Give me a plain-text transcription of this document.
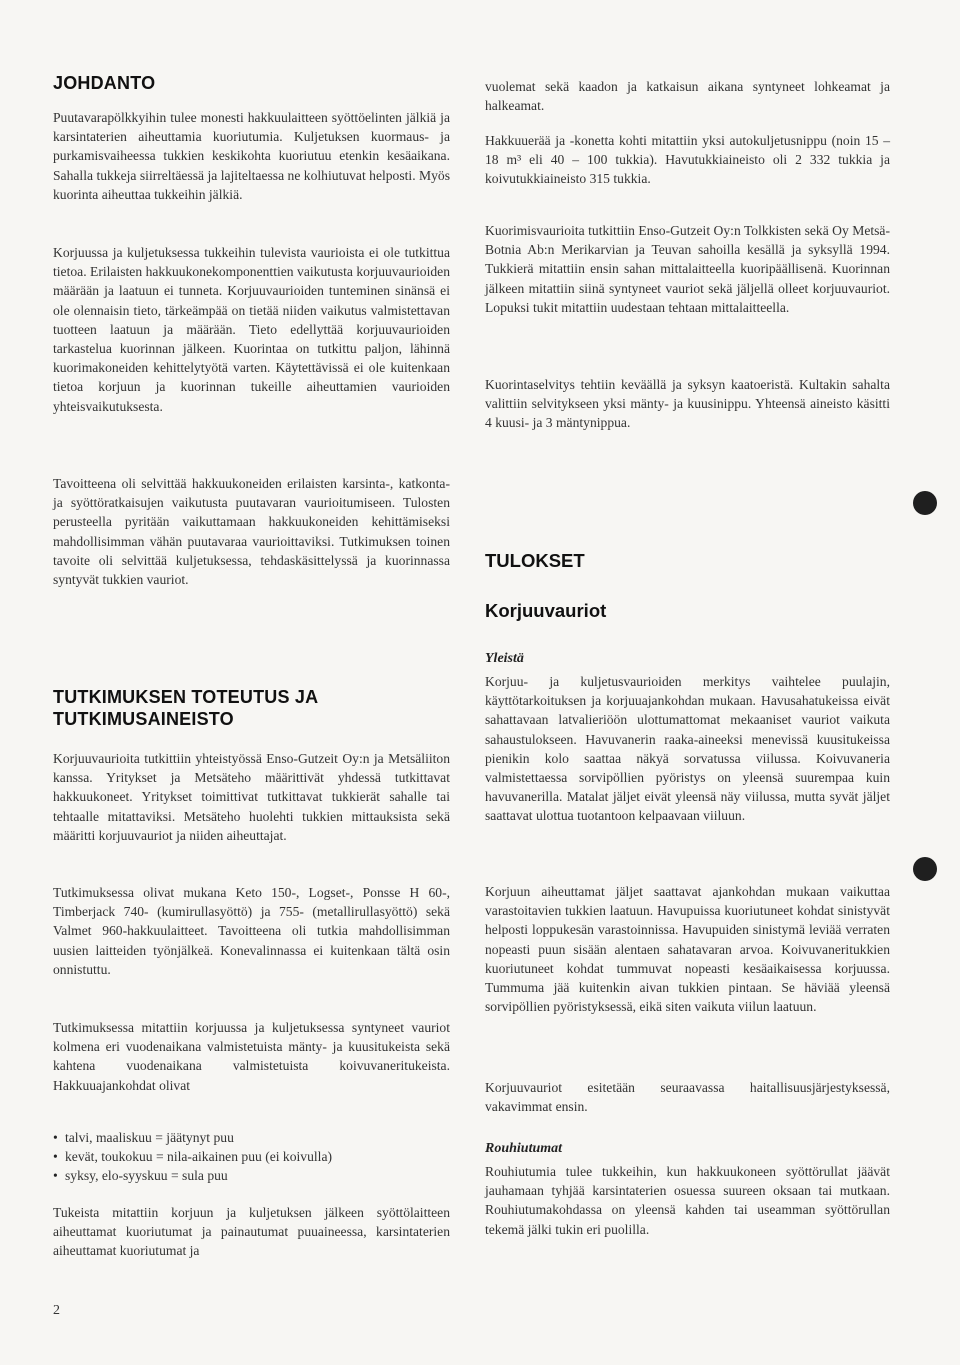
JOHDANTO

Puutavarapölkkyihin tulee monesti hakkuulaitteen syöttöelinten jälkiä ja karsintaterien aiheuttamia kuoriutumia. Kuljetuksen kuormaus- ja purkamisvaiheessa tukkien keskikohta kuoriutuu etenkin kesäaikana. Sahalla tukkeja siirreltäessä ja lajiteltaessa ne kolhiutuvat helposti. Myös kuorinta aiheuttaa tukkeihin jälkiä.

Korjuussa ja kuljetuksessa tukkeihin tulevista vaurioista ei ole tutkittua tietoa. Erilaisten hakkuukonekomponenttien vaikutusta korjuuvaurioiden määrään ja laatuun ei tunneta. Korjuuvaurioiden tunteminen sinänsä ei ole olennaisin tieto, tärkeämpää on tietää niiden vaikutus valmistettavan tuotteen laatuun ja määrään. Tieto edellyttää korjuuvaurioiden tarkastelua kuorinnan jälkeen. Kuorintaa on tutkittu paljon, lähinnä kuorimakoneiden kehittelytyötä varten. Käytettävissä ei ole kuitenkaan tietoa korjuun ja kuorinnan tukeille aiheuttamien vaurioiden yhteisvaikutuksesta.

Tavoitteena oli selvittää hakkuukoneiden erilaisten karsinta-, katkonta- ja syöttöratkaisujen vaikutusta puutavaran vaurioitumiseen. Tulosten perusteella pyritään vaikuttamaan hakkuukoneiden kehittämiseksi mahdollisimman vähän puutavaraa vaurioittaviksi. Tutkimuksen toinen tavoite oli selvittää kuljetuksessa, tehdaskäsittelyssä ja kuorinnassa syntyvät tukkien vauriot.

TUTKIMUKSEN TOTEUTUS JA
TUTKIMUSAINEISTO

Korjuuvaurioita tutkittiin yhteistyössä Enso-Gutzeit Oy:n ja Metsäliiton kanssa. Yritykset ja Metsäteho määrittivät yhdessä tutkittavat hakkuukoneet. Yritykset toimittivat tutkittavat tukkierät sahalle tai tehtaalle mitattaviksi. Metsäteho huolehti tukkien mittauksista sekä määritti korjuuvauriot ja niiden aiheuttajat.

Tutkimuksessa olivat mukana Keto 150-, Logset-, Ponsse H 60-, Timberjack 740- (kumirullasyöttö) ja 755- (metallirullasyöttö) sekä Valmet 960-hakkuulaitteet. Tavoitteena oli tutkia mahdollisimman uusien laitteiden työnjälkeä. Konevalinnassa ei kuitenkaan tältä osin onnistuttu.

Tutkimuksessa mitattiin korjuussa ja kuljetuksessa syntyneet vauriot kolmena eri vuodenaikana valmistetuista mänty- ja kuusitukeista sekä kahtena vuodenaikana valmistetuista koivuvaneritukeista. Hakkuuajankohdat olivat

• talvi, maaliskuu = jäätynyt puu
• kevät, toukokuu = nila-aikainen puu (ei koivulla)
• syksy, elo-syyskuu = sula puu

Tukeista mitattiin korjuun ja kuljetuksen jälkeen syöttölaitteen aiheuttamat kuoriutumat ja painautumat puuaineessa, karsintaterien aiheuttamat kuoriutumat ja

vuolemat sekä kaadon ja katkaisun aikana syntyneet lohkeamat ja halkeamat.

Hakkuuerää ja -konetta kohti mitattiin yksi autokuljetusnippu (noin 15 – 18 m³ eli 40 – 100 tukkia). Havutukkiaineisto oli 2 332 tukkia ja koivutukkiaineisto 315 tukkia.

Kuorimisvaurioita tutkittiin Enso-Gutzeit Oy:n Tolkkisten sekä Oy Metsä-Botnia Ab:n Merikarvian ja Teuvan sahoilla kesällä ja syksyllä 1994. Tukkierä mitattiin ensin sahan mittalaitteella kuoripäällisenä. Kuorinnan jälkeen mitattiin siinä syntyneet vauriot sekä jäljellä olleet korjuuvauriot. Lopuksi tukit mitattiin uudestaan tehtaan mittalaitteella.

Kuorintaselvitys tehtiin keväällä ja syksyn kaatoeristä. Kultakin sahalta valittiin selvitykseen yksi mänty- ja kuusinippu. Yhteensä aineisto käsitti 4 kuusi- ja 3 mäntynippua.

TULOKSET
Korjuuvauriot
Yleistä

Korjuu- ja kuljetusvaurioiden merkitys vaihtelee puulajin, käyttötarkoituksen ja korjuuajankohdan mukaan. Havusahatukeissa eivät sahattavaan latvalieriöön ulottumattomat mekaaniset vauriot vaikuta sahaustulokseen. Havuvanerin raaka-aineeksi menevissä kuusitukeissa pienikin kolo saattaa näkyä sorvatussa viilussa. Koivuvaneria valmistettaessa sorvipöllien pyöristys on yleensä suurempaa kuin havuvanerilla. Matalat jäljet eivät yleensä näy viilussa, mutta syvät jäljet saattavat ulottua tuotantoon kelpaavaan viiluun.

Korjuun aiheuttamat jäljet saattavat ajankohdan mukaan vaikuttaa varastoitavien tukkien laatuun. Havupuissa kuoriutuneet kohdat sinistyvät helposti loppukesän varastoinnissa. Havupuiden sinistymä leviää verraten nopeasti puun sisään alentaen sahatavaran arvoa. Koivuvaneritukkien kuoriutuneet kohdat tummuvat nopeasti kesäaikaisessa korjuussa. Tummuma jää kuitenkin aivan tukkien pintaan. Se häviää yleensä sorvipöllien pyöristyksessä, eikä siten vaikuta viilun laatuun.

Korjuuvauriot esitetään seuraavassa haitallisuusjärjestyksessä, vakavimmat ensin.

Rouhiutumat

Rouhiutumia tulee tukkeihin, kun hakkuukoneen syöttörullat jäävät jauhamaan tyhjää karsintaterien osuessa suureen oksaan tai mutkaan. Rouhiutumakohdassa on yleensä kahden tai useamman syöttörullan tekemä jälki tukin eri puolilla.

2
